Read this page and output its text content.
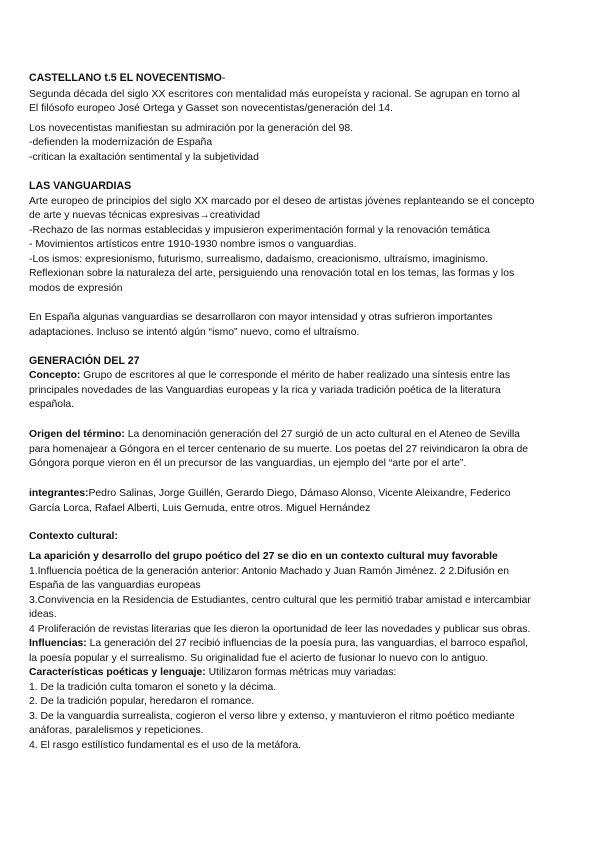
CASTELLANO t.5 EL NOVECENTISMO-
Segunda década del siglo XX escritores con mentalidad más europeísta y racional. Se agrupan en torno al
El filósofo europeo José Ortega y Gasset son novecentistas/generación del 14.
Los novecentistas manifiestan su admiración por la generación del 98.
-defienden la modernización de España
-critican la exaltación sentimental y la subjetividad
LAS VANGUARDIAS
Arte europeo de principios del siglo XX marcado por el deseo de artistas jóvenes replanteando se el concepto
de arte y nuevas técnicas expresivas→creatividad
-Rechazo de las normas establecidas y impusieron experimentación formal y la renovación temática
- Movimientos artísticos entre 1910-1930 nombre ismos o vanguardias.
-Los ismos: expresionismo, futurismo, surrealismo, dadaísmo, creacionismo, ultraísmo, imaginismo.
Reflexionan sobre la naturaleza del arte, persiguiendo una renovación total en los temas, las formas y los
modos de expresión
En España algunas vanguardias se desarrollaron con mayor intensidad y otras sufrieron importantes
adaptaciones. Incluso se intentó algún “ismo” nuevo, como el ultraísmo.
GENERACIÓN DEL 27
Concepto: Grupo de escritores al que le corresponde el mérito de haber realizado una síntesis entre las
principales novedades de las Vanguardias europeas y la rica y variada tradición poética de la literatura
española.
Origen del término: La denominación generación del 27 surgió de un acto cultural en el Ateneo de Sevilla
para homenajear a Góngora en el tercer centenario de su muerte. Los poetas del 27 reivindicaron la obra de
Góngora porque vieron en él un precursor de las vanguardias, un ejemplo del “arte por el arte”.
integrantes:Pedro Salinas, Jorge Guillén, Gerardo Diego, Dámaso Alonso, Vicente Aleixandre, Federico
García Lorca, Rafael Alberti, Luis Gernuda, entre otros. Miguel Hernández
Contexto cultural:
La aparición y desarrollo del grupo poético del 27 se dio en un contexto cultural muy favorable
1.Influencia poética de la generación anterior: Antonio Machado y Juan Ramón Jiménez. 2 2.Difusión en
España de las vanguardias europeas
3.Convivencia en la Residencia de Estudiantes, centro cultural que les permitió trabar amistad e intercambiar
ideas.
4 Proliferación de revistas literarias que les dieron la oportunidad de leer las novedades y publicar sus obras.
Influencias: La generación del 27 recibió influencias de la poesía pura, las vanguardias, el barroco español,
la poesía popular y el surrealismo. Su originalidad fue el acierto de fusionar lo nuevo con lo antiguo.
Características poéticas y lenguaje: Utilizaron formas métricas muy variadas:
1. De la tradición culta tomaron el soneto y la décima.
2. De la tradición popular, heredaron el romance.
3. De la vanguardia surrealista, cogieron el verso libre y extenso, y mantuvieron el ritmo poético mediante
anáforas, paralelismos y repeticiones.
4. El rasgo estilístico fundamental es el uso de la metáfora.
